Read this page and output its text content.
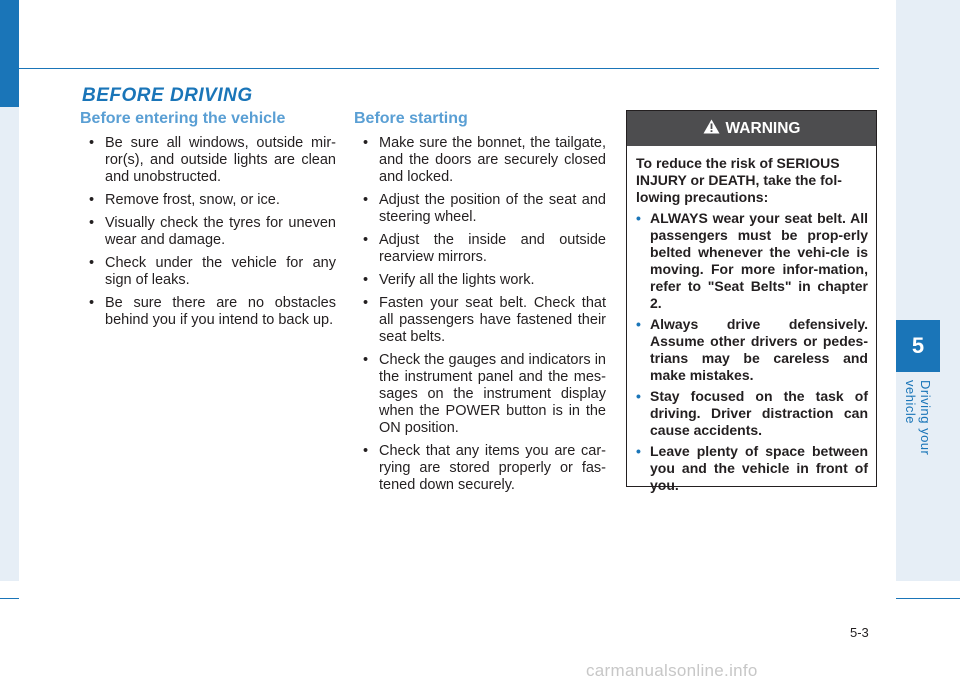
5
Driving your vehicle
BEFORE DRIVING
Before entering the vehicle
• Be sure all windows, outside mir-ror(s), and outside lights are clean and unobstructed.
• Remove frost, snow, or ice.
• Visually check the tyres for uneven wear and damage.
• Check under the vehicle for any sign of leaks.
• Be sure there are no obstacles behind you if you intend to back up.
Before starting
• Make sure the bonnet, the tailgate, and the doors are securely closed and locked.
• Adjust the position of the seat and steering wheel.
• Adjust the inside and outside rearview mirrors.
• Verify all the lights work.
• Fasten your seat belt. Check that all passengers have fastened their seat belts.
• Check the gauges and indicators in the instrument panel and the mes-sages on the instrument display when the POWER button is in the ON position.
• Check that any items you are car-rying are stored properly or fas-tened down securely.
WARNING

To reduce the risk of SERIOUS INJURY or DEATH, take the fol-lowing precautions:

• ALWAYS wear your seat belt. All passengers must be prop-erly belted whenever the vehi-cle is moving. For more infor-mation, refer to "Seat Belts" in chapter 2.
• Always drive defensively. Assume other drivers or pedes-trians may be careless and make mistakes.
• Stay focused on the task of driving. Driver distraction can cause accidents.
• Leave plenty of space between you and the vehicle in front of you.
5-3
carmanualsonline.info
